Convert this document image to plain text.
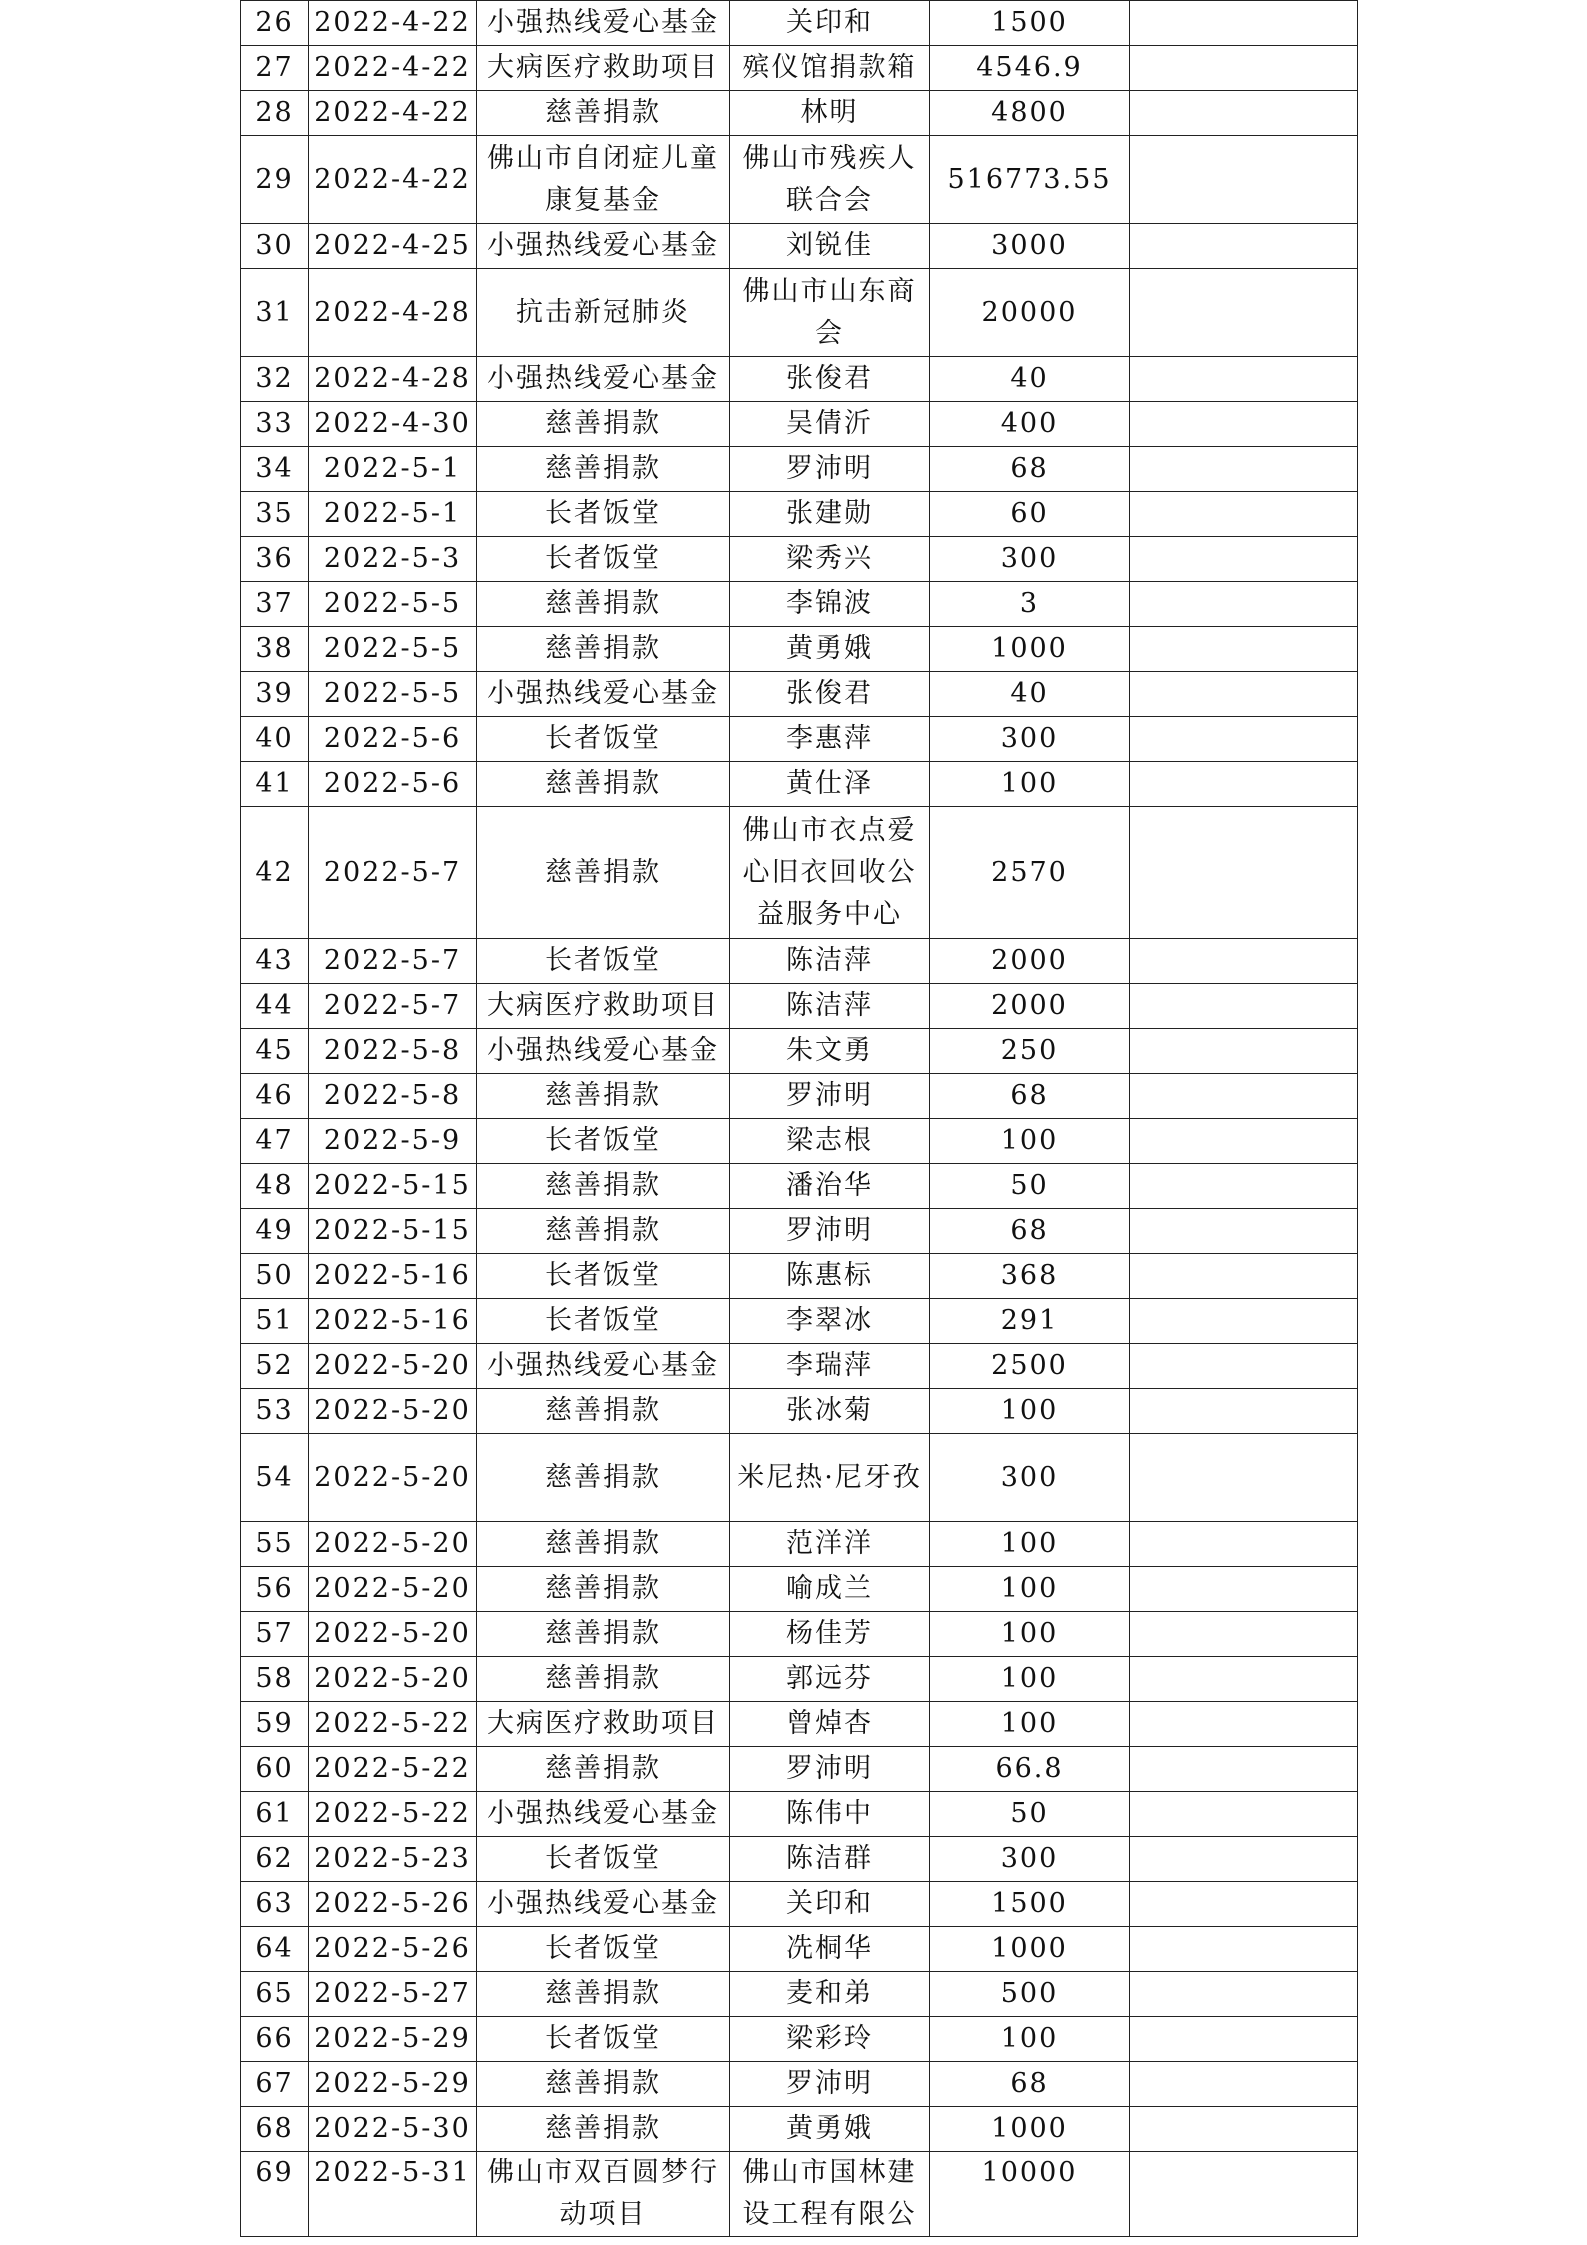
26	2022-4-22	小强热线爱心基金	关印和	1500	
27	2022-4-22	大病医疗救助项目	殡仪馆捐款箱	4546.9	
28	2022-4-22	慈善捐款	林明	4800	
29	2022-4-22	佛山市自闭症儿童康复基金	佛山市残疾人联合会	516773.55	
30	2022-4-25	小强热线爱心基金	刘锐佳	3000	
31	2022-4-28	抗击新冠肺炎	佛山市山东商会	20000	
32	2022-4-28	小强热线爱心基金	张俊君	40	
33	2022-4-30	慈善捐款	吴倩沂	400	
34	2022-5-1	慈善捐款	罗沛明	68	
35	2022-5-1	长者饭堂	张建勋	60	
36	2022-5-3	长者饭堂	梁秀兴	300	
37	2022-5-5	慈善捐款	李锦波	3	
38	2022-5-5	慈善捐款	黄勇娥	1000	
39	2022-5-5	小强热线爱心基金	张俊君	40	
40	2022-5-6	长者饭堂	李惠萍	300	
41	2022-5-6	慈善捐款	黄仕泽	100	
42	2022-5-7	慈善捐款	佛山市衣点爱心旧衣回收公益服务中心	2570	
43	2022-5-7	长者饭堂	陈洁萍	2000	
44	2022-5-7	大病医疗救助项目	陈洁萍	2000	
45	2022-5-8	小强热线爱心基金	朱文勇	250	
46	2022-5-8	慈善捐款	罗沛明	68	
47	2022-5-9	长者饭堂	梁志根	100	
48	2022-5-15	慈善捐款	潘治华	50	
49	2022-5-15	慈善捐款	罗沛明	68	
50	2022-5-16	长者饭堂	陈惠标	368	
51	2022-5-16	长者饭堂	李翠冰	291	
52	2022-5-20	小强热线爱心基金	李瑞萍	2500	
53	2022-5-20	慈善捐款	张冰菊	100	
54	2022-5-20	慈善捐款	米尼热·尼牙孜	300	
55	2022-5-20	慈善捐款	范洋洋	100	
56	2022-5-20	慈善捐款	喻成兰	100	
57	2022-5-20	慈善捐款	杨佳芳	100	
58	2022-5-20	慈善捐款	郭远芬	100	
59	2022-5-22	大病医疗救助项目	曾焯杏	100	
60	2022-5-22	慈善捐款	罗沛明	66.8	
61	2022-5-22	小强热线爱心基金	陈伟中	50	
62	2022-5-23	长者饭堂	陈洁群	300	
63	2022-5-26	小强热线爱心基金	关印和	1500	
64	2022-5-26	长者饭堂	冼桐华	1000	
65	2022-5-27	慈善捐款	麦和弟	500	
66	2022-5-29	长者饭堂	梁彩玲	100	
67	2022-5-29	慈善捐款	罗沛明	68	
68	2022-5-30	慈善捐款	黄勇娥	1000	
69	2022-5-31	佛山市双百圆梦行动项目	佛山市国林建设工程有限公	10000	
